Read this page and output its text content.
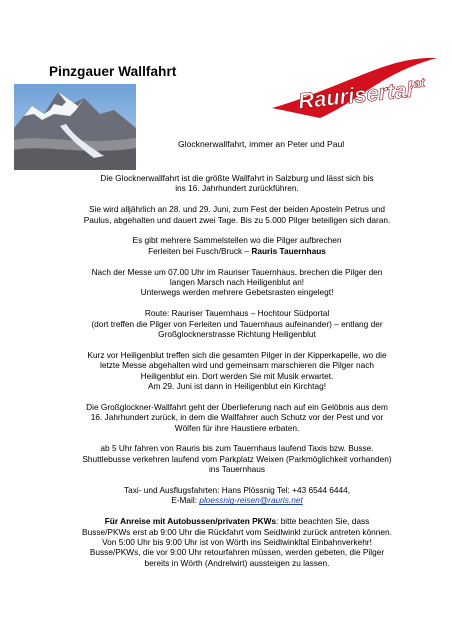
Pinzgauer Wallfahrt
Raurisertal
.at
Glocknerwallfahrt, immer an Peter und Paul

Die Glocknerwallfahrt ist die größte Wallfahrt in Salzburg und lässt sich bis
ins 16. Jahrhundert zurückführen.

Sie wird alljährlich an 28. und 29. Juni, zum Fest der beiden Aposteln Petrus und
Paulus, abgehalten und dauert zwei Tage. Bis zu 5.000 Pilger beteiligen sich daran.

Es gibt mehrere Sammelstellen wo die Pilger aufbrechen
Ferleiten bei Fusch/Bruck – Rauris Tauernhaus

Nach der Messe um 07.00 Uhr im Rauriser Tauernhaus, brechen die Pilger den
langen Marsch nach Heiligenblut an!
Unterwegs werden mehrere Gebetsrasten eingelegt!

Route: Rauriser Tauernhaus – Hochtour Südportal
(dort treffen die Pilger von Ferleiten und Tauernhaus aufeinander) – entlang der
Großglocknerstrasse Richtung Heiligenblut

Kurz vor Heiligenblut treffen sich die gesamten Pilger in der Kipperkapelle, wo die
letzte Messe abgehalten wird und gemeinsam marschieren die Pilger nach
Heiligenblut ein. Dort werden Sie mit Musik erwartet.
Am 29. Juni ist dann in Heiligenblut ein Kirchtag!

Die Großglockner-Wallfahrt geht der Überlieferung nach auf ein Gelöbnis aus dem
16. Jahrhundert zurück, in dem die Wallfahrer auch Schutz vor der Pest und vor
Wölfen für ihre Haustiere erbaten.

ab 5 Uhr fahren von Rauris bis zum Tauernhaus laufend Taxis bzw. Busse.
Shuttlebusse verkehren laufend vom Parkplatz Weixen (Parkmöglichkeit vorhanden)
ins Tauernhaus

Taxi- und Ausflugsfahrten: Hans Plössnig Tel: +43 6544 6444,
E-Mail: ploessnig-reisen@rauris.net

Für Anreise mit Autobussen/privaten PKWs: bitte beachten Sie, dass
Busse/PKWs erst ab 9:00 Uhr die Rückfahrt vom Seidlwinkl zurück antreten können.
Von 5:00 Uhr bis 9:00 Uhr ist von Wörth ins Seidlwinkltal Einbahnverkehr!
Busse/PKWs, die vor 9:00 Uhr retourfahren müssen, werden gebeten, die Pilger
bereits in Wörth (Andrelwirt) aussteigen zu lassen.
